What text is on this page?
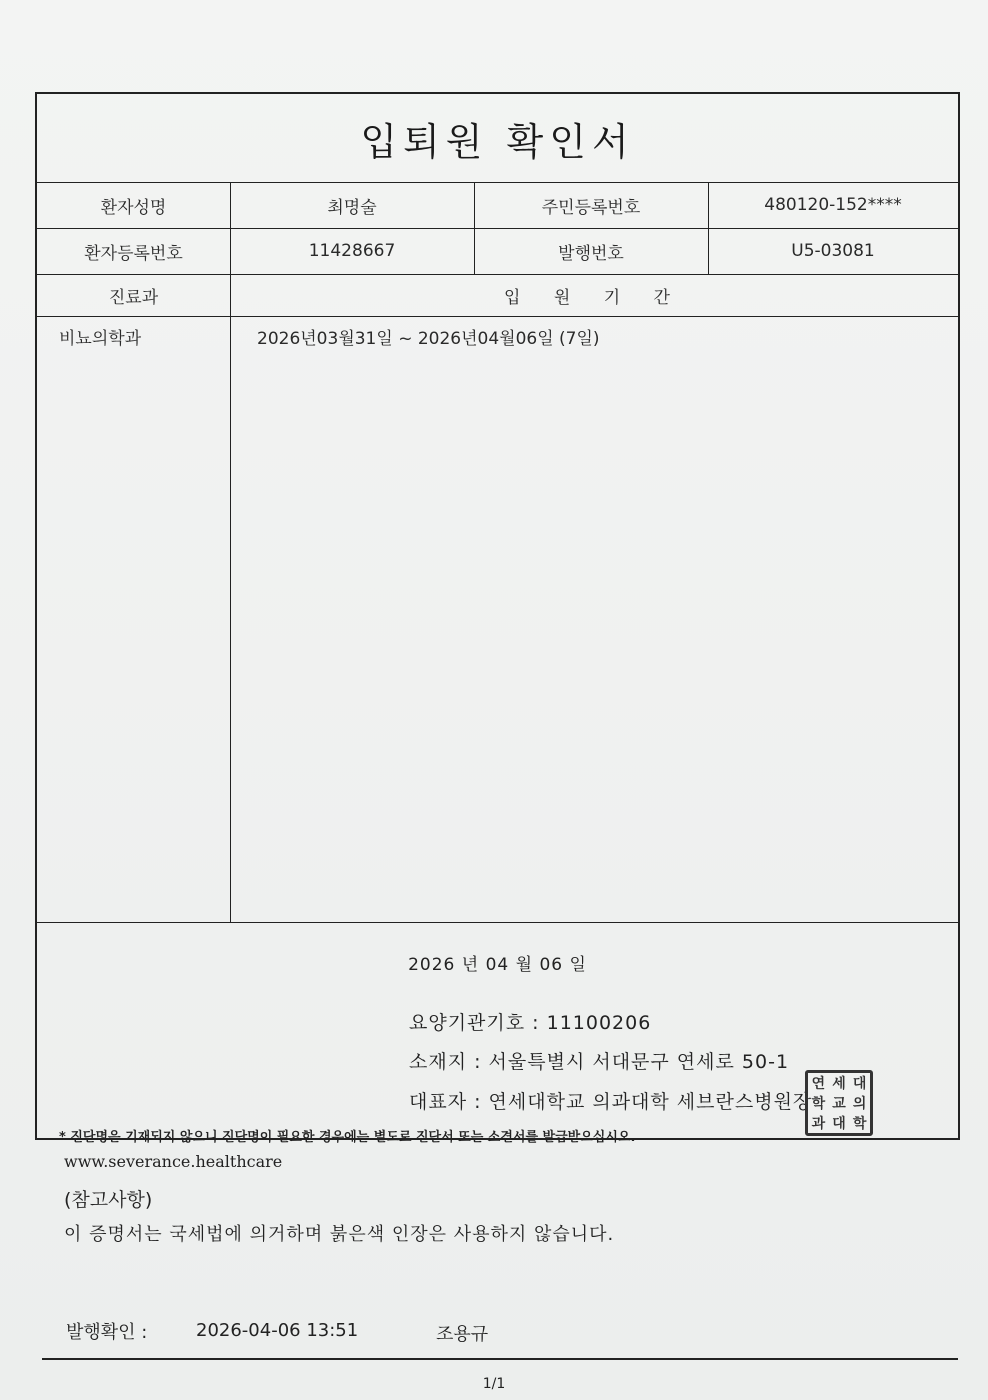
입퇴원 확인서
환자성명	최명술	주민등록번호	480120-152****
환자등록번호	11428667	발행번호	U5-03081
진료과	입 원 기 간
비뇨의학과	2026년03월31일 ~ 2026년04월06일 (7일)
2026 년 04 월 06 일
요양기관기호 : 11100206
소재지 : 서울특별시 서대문구 연세로 50-1
대표자 : 연세대학교 의과대학 세브란스병원장
연 세 대
학 교 의
과 대 학
* 진단명은 기재되지 않으니 진단명이 필요한 경우에는 별도로 진단서 또는 소견서를 발급받으십시오.
www.severance.healthcare
(참고사항)
이 증명서는 국세법에 의거하며 붉은색 인장은 사용하지 않습니다.
발행확인 :	2026-04-06 13:51	조용규
1/1
